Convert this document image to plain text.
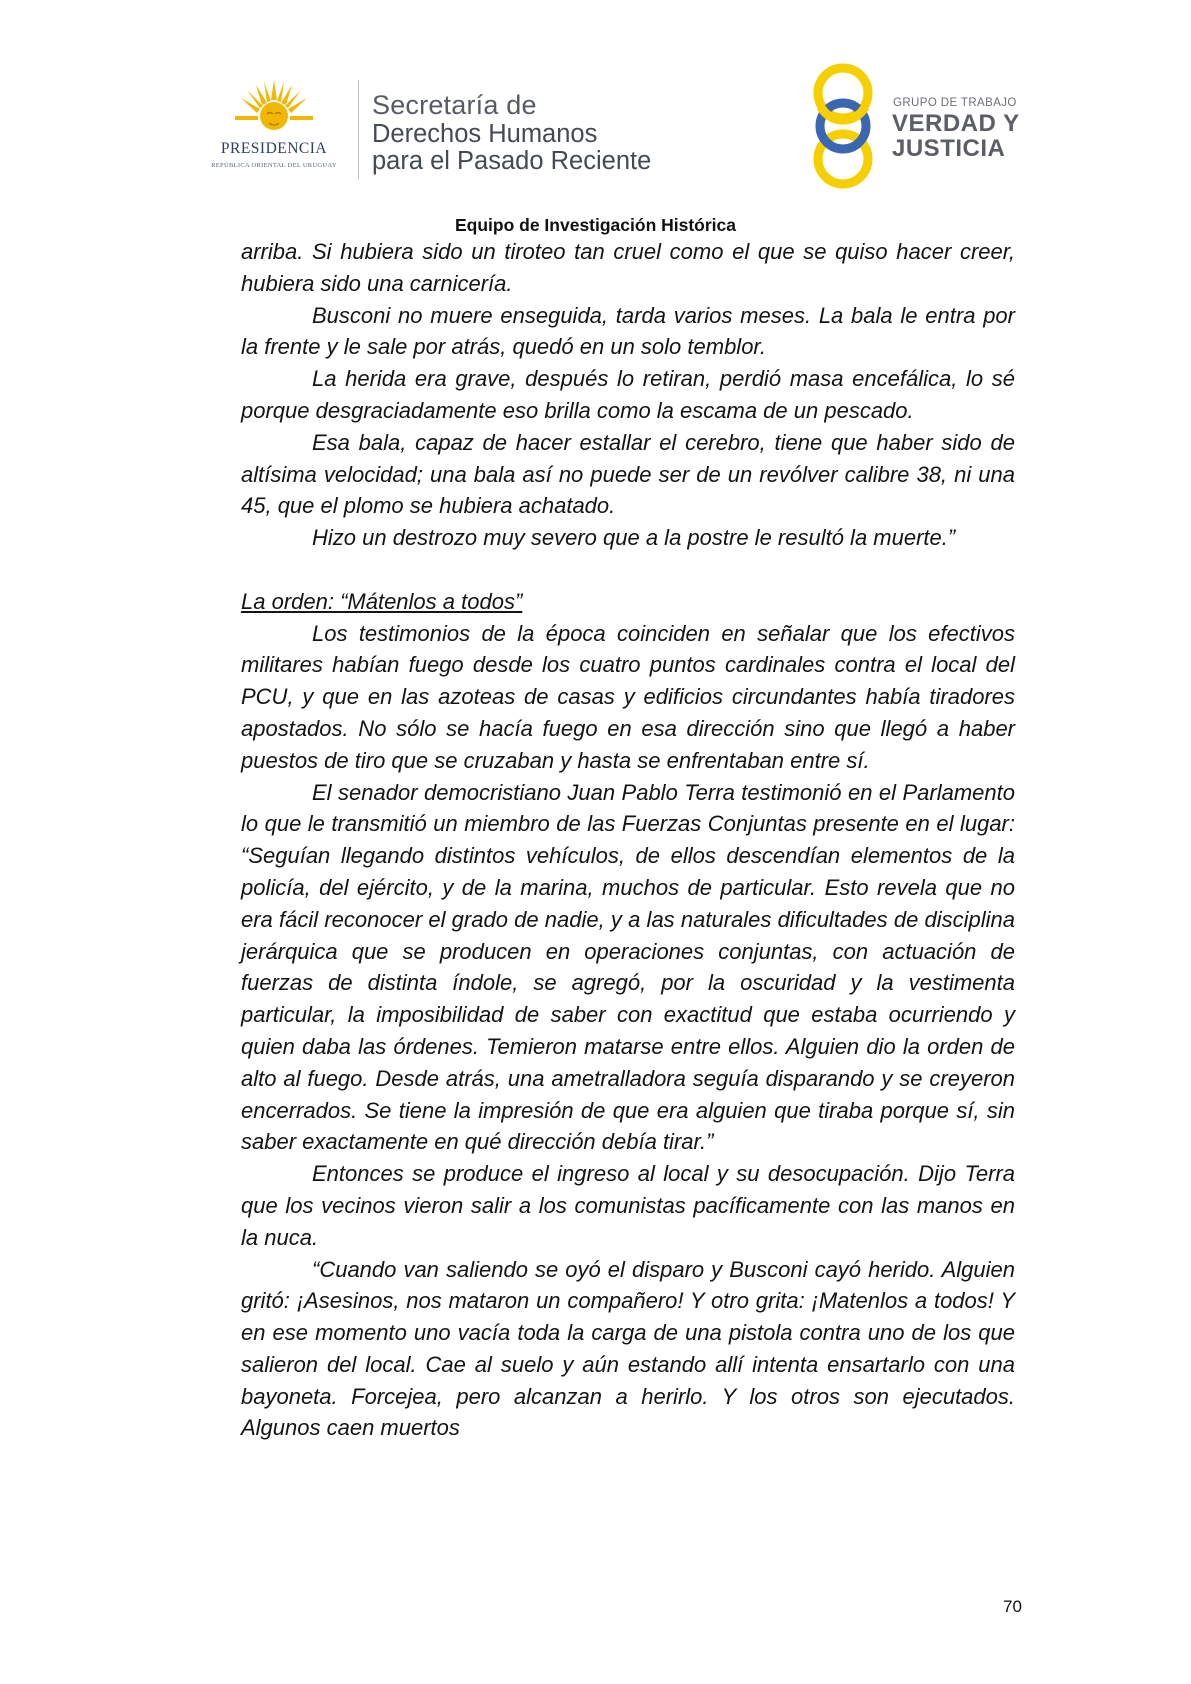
PRESIDENCIA
REPÚBLICA ORIENTAL DEL URUGUAY
Secretaría de
Derechos Humanos
para el Pasado Reciente
GRUPO DE TRABAJO
VERDAD Y
JUSTICIA
Equipo de Investigación Histórica

arriba. Si hubiera sido un tiroteo tan cruel como el que se quiso hacer creer, hubiera sido una carnicería.

Busconi no muere enseguida, tarda varios meses. La bala le entra por la frente y le sale por atrás, quedó en un solo temblor.

La herida era grave, después lo retiran, perdió masa encefálica, lo sé porque desgraciadamente eso brilla como la escama de un pescado.

Esa bala, capaz de hacer estallar el cerebro, tiene que haber sido de altísima velocidad; una bala así no puede ser de un revólver calibre 38, ni una 45, que el plomo se hubiera achatado.

Hizo un destrozo muy severo que a la postre le resultó la muerte.”

La orden: “Mátenlos a todos”

Los testimonios de la época coinciden en señalar que los efectivos militares habían fuego desde los cuatro puntos cardinales contra el local del PCU, y que en las azoteas de casas y edificios circundantes había tiradores apostados. No sólo se hacía fuego en esa dirección sino que llegó a haber puestos de tiro que se cruzaban y hasta se enfrentaban entre sí.

El senador democristiano Juan Pablo Terra testimonió en el Parlamento lo que le transmitió un miembro de las Fuerzas Conjuntas presente en el lugar: “Seguían llegando distintos vehículos, de ellos descendían elementos de la policía, del ejército, y de la marina, muchos de particular. Esto revela que no era fácil reconocer el grado de nadie, y a las naturales dificultades de disciplina jerárquica que se producen en operaciones conjuntas, con actuación de fuerzas de distinta índole, se agregó, por la oscuridad y la vestimenta particular, la imposibilidad de saber con exactitud que estaba ocurriendo y quien daba las órdenes. Temieron matarse entre ellos. Alguien dio la orden de alto al fuego. Desde atrás, una ametralladora seguía disparando y se creyeron encerrados. Se tiene la impresión de que era alguien que tiraba porque sí, sin saber exactamente en qué dirección debía tirar.”

Entonces se produce el ingreso al local y su desocupación. Dijo Terra que los vecinos vieron salir a los comunistas pacíficamente con las manos en la nuca.

“Cuando van saliendo se oyó el disparo y Busconi cayó herido. Alguien gritó: ¡Asesinos, nos mataron un compañero! Y otro grita: ¡Matenlos a todos! Y en ese momento uno vacía toda la carga de una pistola contra uno de los que salieron del local. Cae al suelo y aún estando allí intenta ensartarlo con una bayoneta. Forcejea, pero alcanzan a herirlo. Y los otros son ejecutados. Algunos caen muertos

70
